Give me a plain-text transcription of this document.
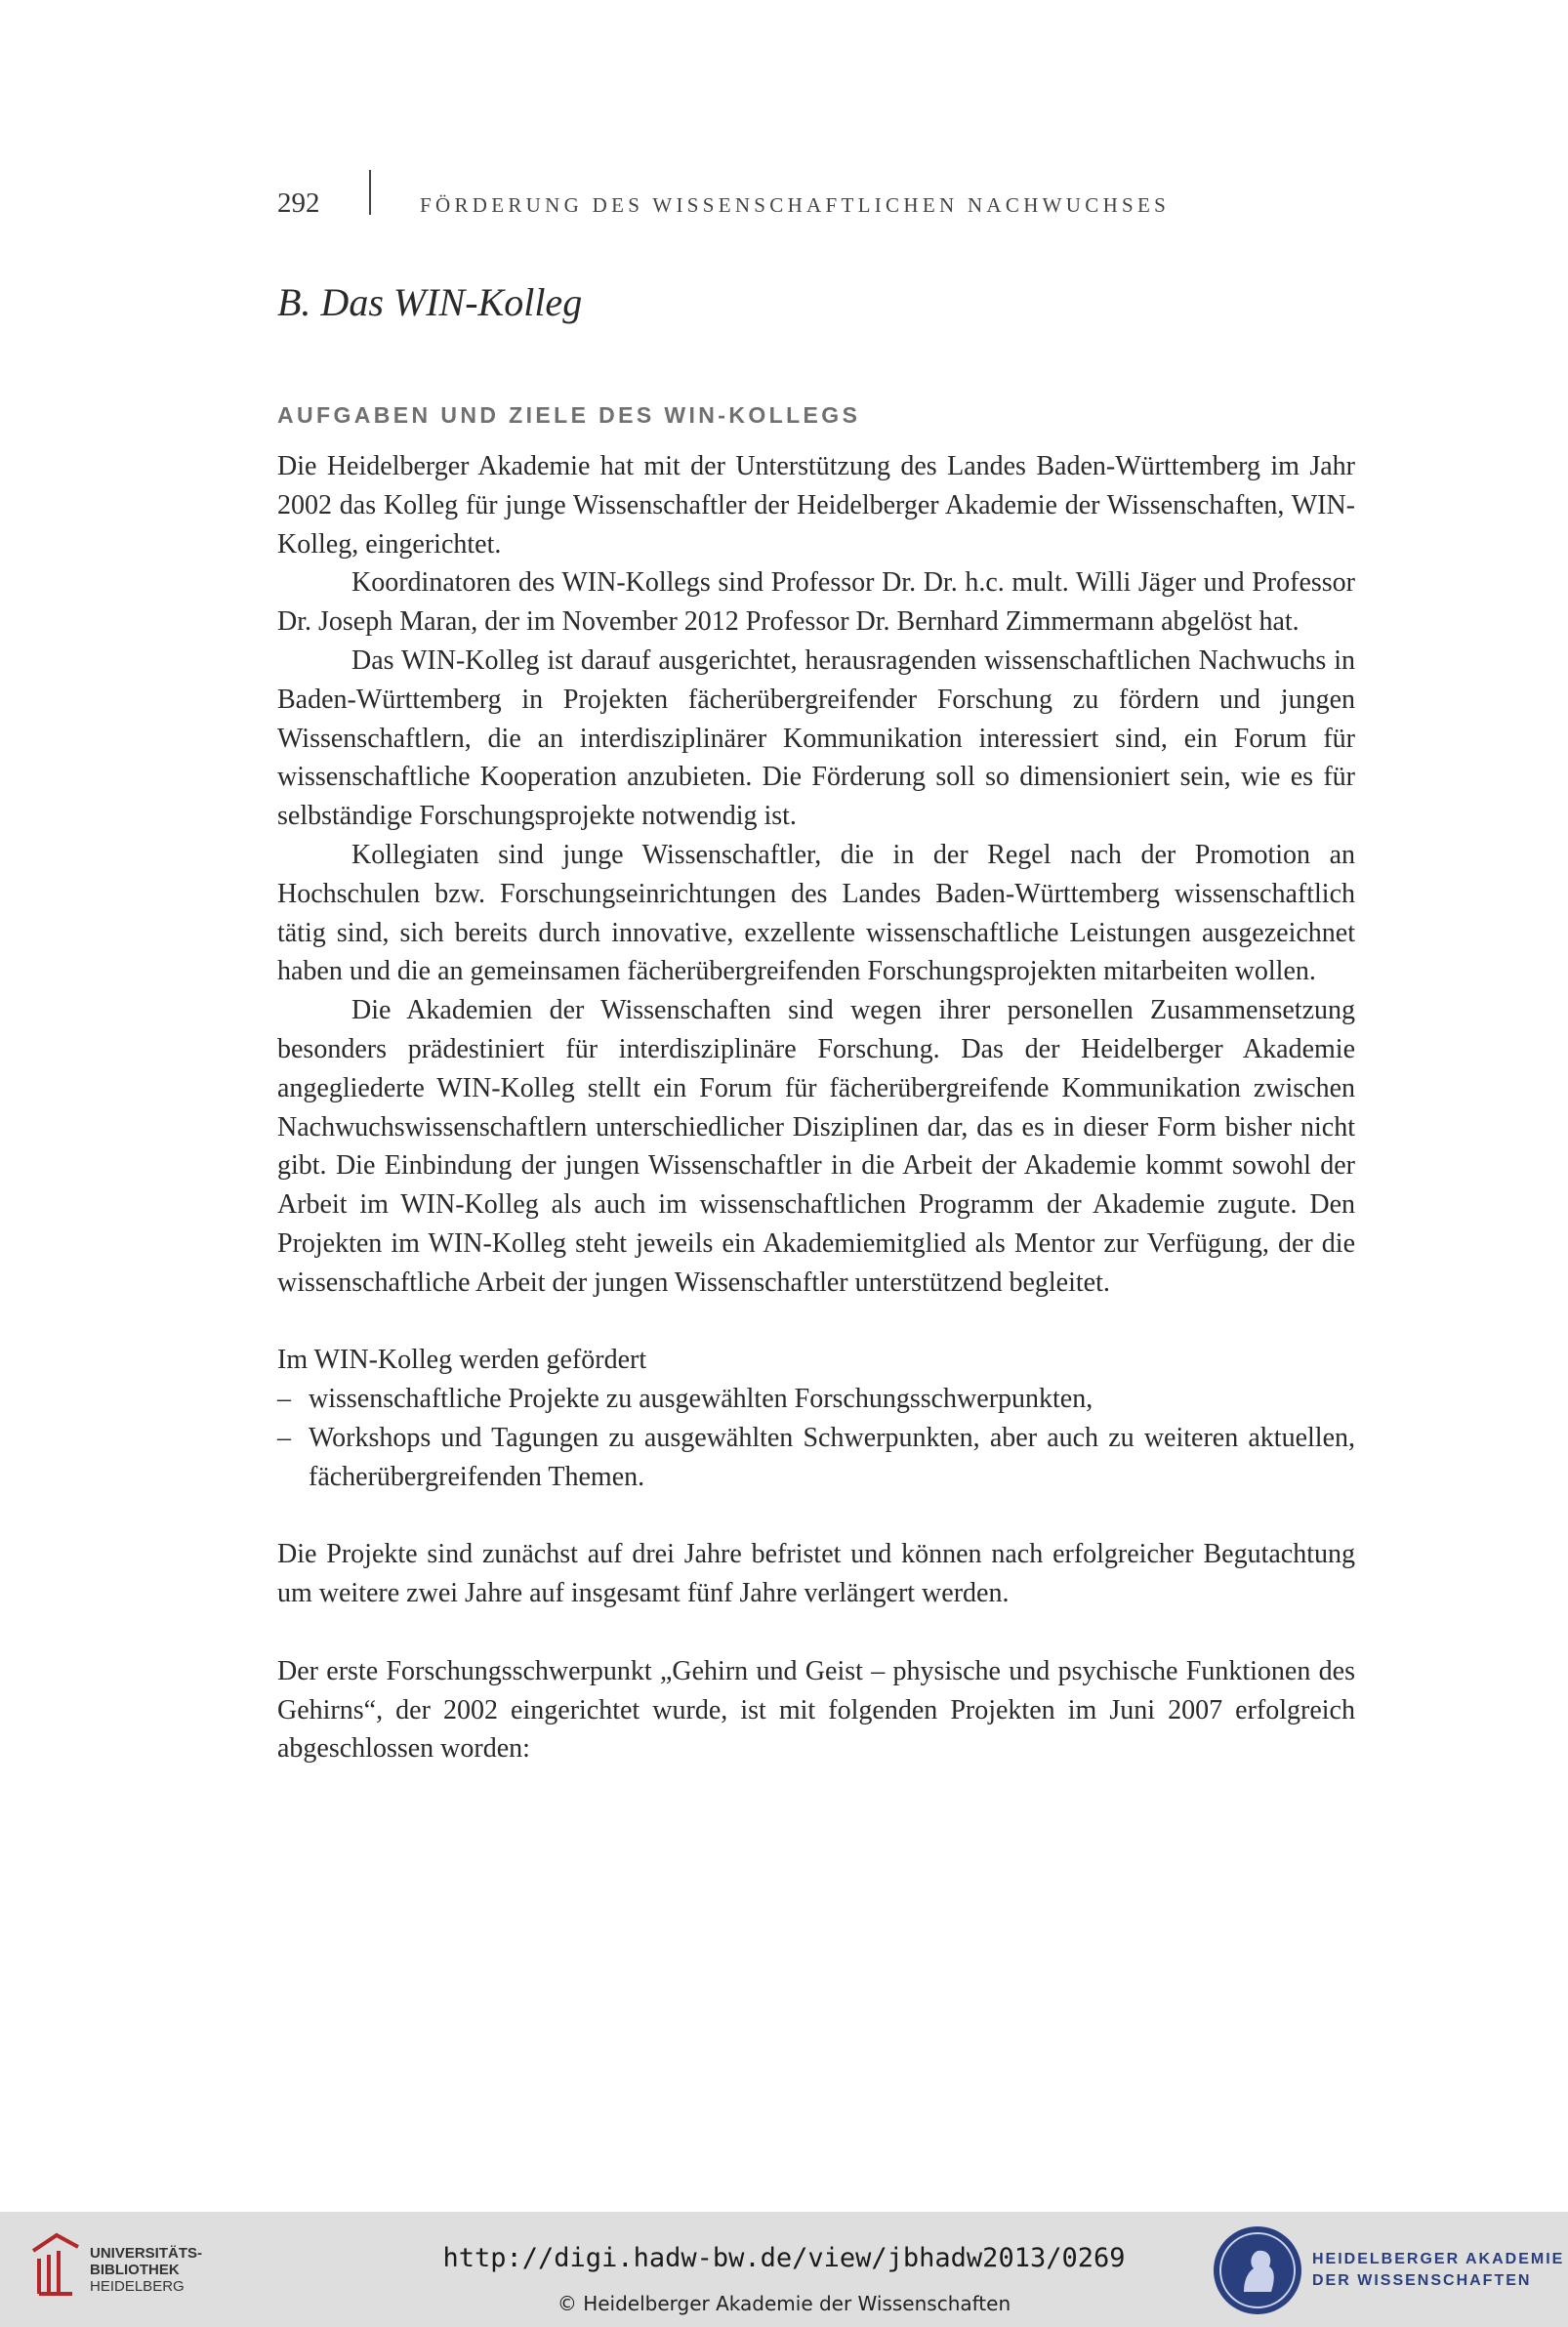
292	FÖRDERUNG DES WISSENSCHAFTLICHEN NACHWUCHSES
B. Das WIN-Kolleg
AUFGABEN UND ZIELE DES WIN-KOLLEGS

Die Heidelberger Akademie hat mit der Unterstützung des Landes Baden-Württemberg im Jahr 2002 das Kolleg für junge Wissenschaftler der Heidelberger Akademie der Wissenschaften, WIN-Kolleg, eingerichtet.

Koordinatoren des WIN-Kollegs sind Professor Dr. Dr. h.c. mult. Willi Jäger und Professor Dr. Joseph Maran, der im November 2012 Professor Dr. Bernhard Zimmermann abgelöst hat.

Das WIN-Kolleg ist darauf ausgerichtet, herausragenden wissenschaftlichen Nachwuchs in Baden-Württemberg in Projekten fächerübergreifender Forschung zu fördern und jungen Wissenschaftlern, die an interdisziplinärer Kommunikation interessiert sind, ein Forum für wissenschaftliche Kooperation anzubieten. Die Förderung soll so dimensioniert sein, wie es für selbständige Forschungsprojekte notwendig ist.

Kollegiaten sind junge Wissenschaftler, die in der Regel nach der Promotion an Hochschulen bzw. Forschungseinrichtungen des Landes Baden-Württemberg wissenschaftlich tätig sind, sich bereits durch innovative, exzellente wissenschaftliche Leistungen ausgezeichnet haben und die an gemeinsamen fächerübergreifenden Forschungsprojekten mitarbeiten wollen.

Die Akademien der Wissenschaften sind wegen ihrer personellen Zusammensetzung besonders prädestiniert für interdisziplinäre Forschung. Das der Heidelberger Akademie angegliederte WIN-Kolleg stellt ein Forum für fächerübergreifende Kommunikation zwischen Nachwuchswissenschaftlern unterschiedlicher Disziplinen dar, das es in dieser Form bisher nicht gibt. Die Einbindung der jungen Wissenschaftler in die Arbeit der Akademie kommt sowohl der Arbeit im WIN-Kolleg als auch im wissenschaftlichen Programm der Akademie zugute. Den Projekten im WIN-Kolleg steht jeweils ein Akademiemitglied als Mentor zur Verfügung, der die wissenschaftliche Arbeit der jungen Wissenschaftler unterstützend begleitet.

Im WIN-Kolleg werden gefördert

– wissenschaftliche Projekte zu ausgewählten Forschungsschwerpunkten,
– Workshops und Tagungen zu ausgewählten Schwerpunkten, aber auch zu weiteren aktuellen, fächerübergreifenden Themen.

Die Projekte sind zunächst auf drei Jahre befristet und können nach erfolgreicher Begutachtung um weitere zwei Jahre auf insgesamt fünf Jahre verlängert werden.

Der erste Forschungsschwerpunkt „Gehirn und Geist – physische und psychische Funktionen des Gehirns“, der 2002 eingerichtet wurde, ist mit folgenden Projekten im Juni 2007 erfolgreich abgeschlossen worden:

UNIVERSITÄTS-
BIBLIOTHEK
HEIDELBERG
http://digi.hadw-bw.de/view/jbhadw2013/0269
© Heidelberger Akademie der Wissenschaften
HEIDELBERGER AKADEMIE
DER WISSENSCHAFTEN
